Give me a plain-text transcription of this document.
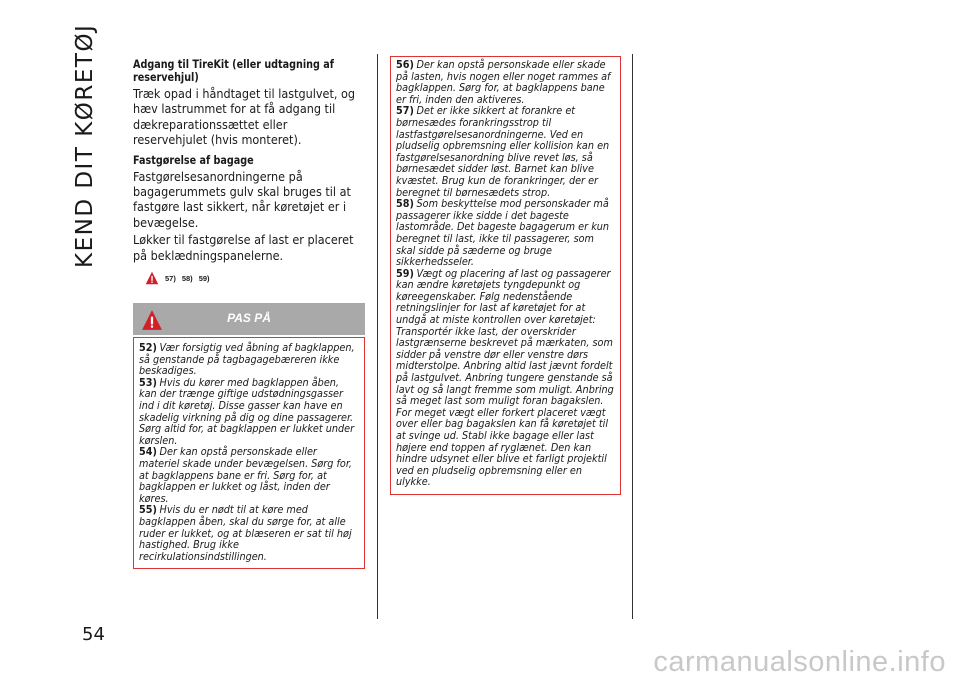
KEND DIT KØRETØJ
54
carmanualsonline.info
Adgang til TireKit (eller udtagning af reservehjul)
Træk opad i håndtaget til lastgulvet, og hæv lastrummet for at få adgang til dækreparationssættet eller reservehjulet (hvis monteret).
Fastgørelse af bagage
Fastgørelsesanordningerne på bagagerummets gulv skal bruges til at fastgøre last sikkert, når køretøjet er i bevægelse.
Løkker til fastgørelse af last er placeret på beklædningspanelerne.
57) 58) 59)
PAS PÅ

52) Vær forsigtig ved åbning af bagklappen, så genstande på tagbagagebæreren ikke beskadiges.

53) Hvis du kører med bagklappen åben, kan der trænge giftige udstødningsgasser ind i dit køretøj. Disse gasser kan have en skadelig virkning på dig og dine passagerer. Sørg altid for, at bagklappen er lukket under kørslen.

54) Der kan opstå personskade eller materiel skade under bevægelsen. Sørg for, at bagklappens bane er fri. Sørg for, at bagklappen er lukket og låst, inden der køres.

55) Hvis du er nødt til at køre med bagklappen åben, skal du sørge for, at alle ruder er lukket, og at blæseren er sat til høj hastighed. Brug ikke recirkulationsindstillingen.

56) Der kan opstå personskade eller skade på lasten, hvis nogen eller noget rammes af bagklappen. Sørg for, at bagklappens bane er fri, inden den aktiveres.

57) Det er ikke sikkert at forankre et børnesædes forankringsstrop til lastfastgørelsesanordningerne. Ved en pludselig opbremsning eller kollision kan en fastgørelsesanordning blive revet løs, så børnesædet sidder løst. Barnet kan blive kvæstet. Brug kun de forankringer, der er beregnet til børnesædets strop.

58) Som beskyttelse mod personskader må passagerer ikke sidde i det bageste lastområde. Det bageste bagagerum er kun beregnet til last, ikke til passagerer, som skal sidde på sæderne og bruge sikkerhedsseler.

59) Vægt og placering af last og passagerer kan ændre køretøjets tyngdepunkt og køreegenskaber. Følg nedenstående retningslinjer for last af køretøjet for at undgå at miste kontrollen over køretøjet: Transportér ikke last, der overskrider lastgrænserne beskrevet på mærkaten, som sidder på venstre dør eller venstre dørs midterstolpe. Anbring altid last jævnt fordelt på lastgulvet. Anbring tungere genstande så lavt og så langt fremme som muligt. Anbring så meget last som muligt foran bagakslen. For meget vægt eller forkert placeret vægt over eller bag bagakslen kan få køretøjet til at svinge ud. Stabl ikke bagage eller last højere end toppen af ryglænet. Den kan hindre udsynet eller blive et farligt projektil ved en pludselig opbremsning eller en ulykke.
